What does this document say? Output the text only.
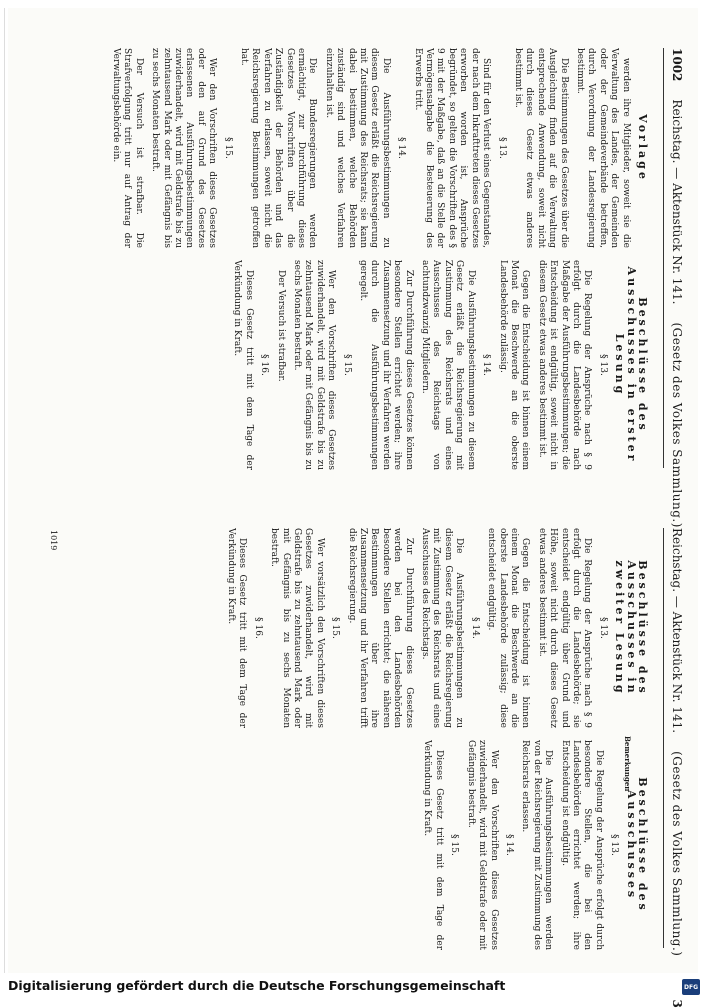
1002
Reichstag. — Aktenstück Nr. 141.
(Gesetz des Volkes Sammlung.)
Reichstag. — Aktenstück Nr. 141.
(Gesetz des Volkes Sammlung.)
Vorlage

werden ihre Mitglieder, soweit sie die Verwaltung des Landes, der Gemeinden oder der Gemeindeverbände betreffen, durch Verordnung der Landesregierung bestimmt.

Die Bestimmungen des Gesetzes über die Ausgleichung finden auf die Verwaltung entsprechende Anwendung, soweit nicht durch dieses Gesetz etwas anderes bestimmt ist.

§ 13.

Sind für den Verlust eines Gegenstandes, der nach dem Inkrafttreten dieses Gesetzes erworben worden ist, Ansprüche begründet, so gelten die Vorschriften des § 9 mit der Maßgabe, daß an die Stelle der Vermögensabgabe die Besteuerung des Erwerbs tritt.

§ 14.

Die Ausführungsbestimmungen zu diesem Gesetz erläßt die Reichsregierung mit Zustimmung des Reichsrats; sie kann dabei bestimmen, welche Behörden zuständig sind und welches Verfahren einzuhalten ist.

Die Bundesregierungen werden ermächtigt, zur Durchführung dieses Gesetzes Vorschriften über die Zuständigkeit der Behörden und das Verfahren zu erlassen, soweit nicht die Reichsregierung Bestimmungen getroffen hat.

§ 15.

Wer den Vorschriften dieses Gesetzes oder den auf Grund des Gesetzes erlassenen Ausführungsbestimmungen zuwiderhandelt, wird mit Geldstrafe bis zu zehntausend Mark oder mit Gefängnis bis zu sechs Monaten bestraft.

Der Versuch ist strafbar. Die Strafverfolgung tritt nur auf Antrag der Verwaltungsbehörde ein.

Beschlüsse des Ausschusses in erster Lesung

§ 13.

Die Regelung der Ansprüche nach § 9 erfolgt durch die Landesbehörde nach Maßgabe der Ausführungsbestimmungen; die Entscheidung ist endgültig, soweit nicht in diesem Gesetz etwas anderes bestimmt ist.

Gegen die Entscheidung ist binnen einem Monat die Beschwerde an die oberste Landesbehörde zulässig.

§ 14.

Die Ausführungsbestimmungen zu diesem Gesetz erläßt die Reichsregierung mit Zustimmung des Reichsrats und eines Ausschusses des Reichstags von achtundzwanzig Mitgliedern.

Zur Durchführung dieses Gesetzes können besondere Stellen errichtet werden; ihre Zusammensetzung und ihr Verfahren werden durch die Ausführungsbestimmungen geregelt.

§ 15.

Wer den Vorschriften dieses Gesetzes zuwiderhandelt, wird mit Geldstrafe bis zu zehntausend Mark oder mit Gefängnis bis zu sechs Monaten bestraft.

Der Versuch ist strafbar.

§ 16.

Dieses Gesetz tritt mit dem Tage der Verkündung in Kraft.

Beschlüsse des Ausschusses in zweiter Lesung

§ 13.

Die Regelung der Ansprüche nach § 9 erfolgt durch die Landesbehörde; sie entscheidet endgültig über Grund und Höhe, soweit nicht durch dieses Gesetz etwas anderes bestimmt ist.

Gegen die Entscheidung ist binnen einem Monat die Beschwerde an die oberste Landesbehörde zulässig; diese entscheidet endgültig.

§ 14.

Die Ausführungsbestimmungen zu diesem Gesetz erläßt die Reichsregierung mit Zustimmung des Reichsrats und eines Ausschusses des Reichstags.

Zur Durchführung dieses Gesetzes werden bei den Landesbehörden besondere Stellen errichtet; die näheren Bestimmungen über ihre Zusammensetzung und ihr Verfahren trifft die Reichsregierung.

§ 15.

Wer vorsätzlich den Vorschriften dieses Gesetzes zuwiderhandelt, wird mit Geldstrafe bis zu zehntausend Mark oder mit Gefängnis bis zu sechs Monaten bestraft.

§ 16.

Dieses Gesetz tritt mit dem Tage der Verkündung in Kraft.

Beschlüsse des Ausschusses

§ 13.

Die Regelung der Ansprüche erfolgt durch besondere Stellen, die bei den Landesbehörden errichtet werden; ihre Entscheidung ist endgültig.

Die Ausführungsbestimmungen werden von der Reichsregierung mit Zustimmung des Reichsrats erlassen.

§ 14.

Wer den Vorschriften dieses Gesetzes zuwiderhandelt, wird mit Geldstrafe oder mit Gefängnis bestraft.

§ 15.

Dieses Gesetz tritt mit dem Tage der Verkündung in Kraft.	Bemerkungen
1019
Digitalisierung gefördert durch die Deutsche Forschungsgemeinschaft	DFG
